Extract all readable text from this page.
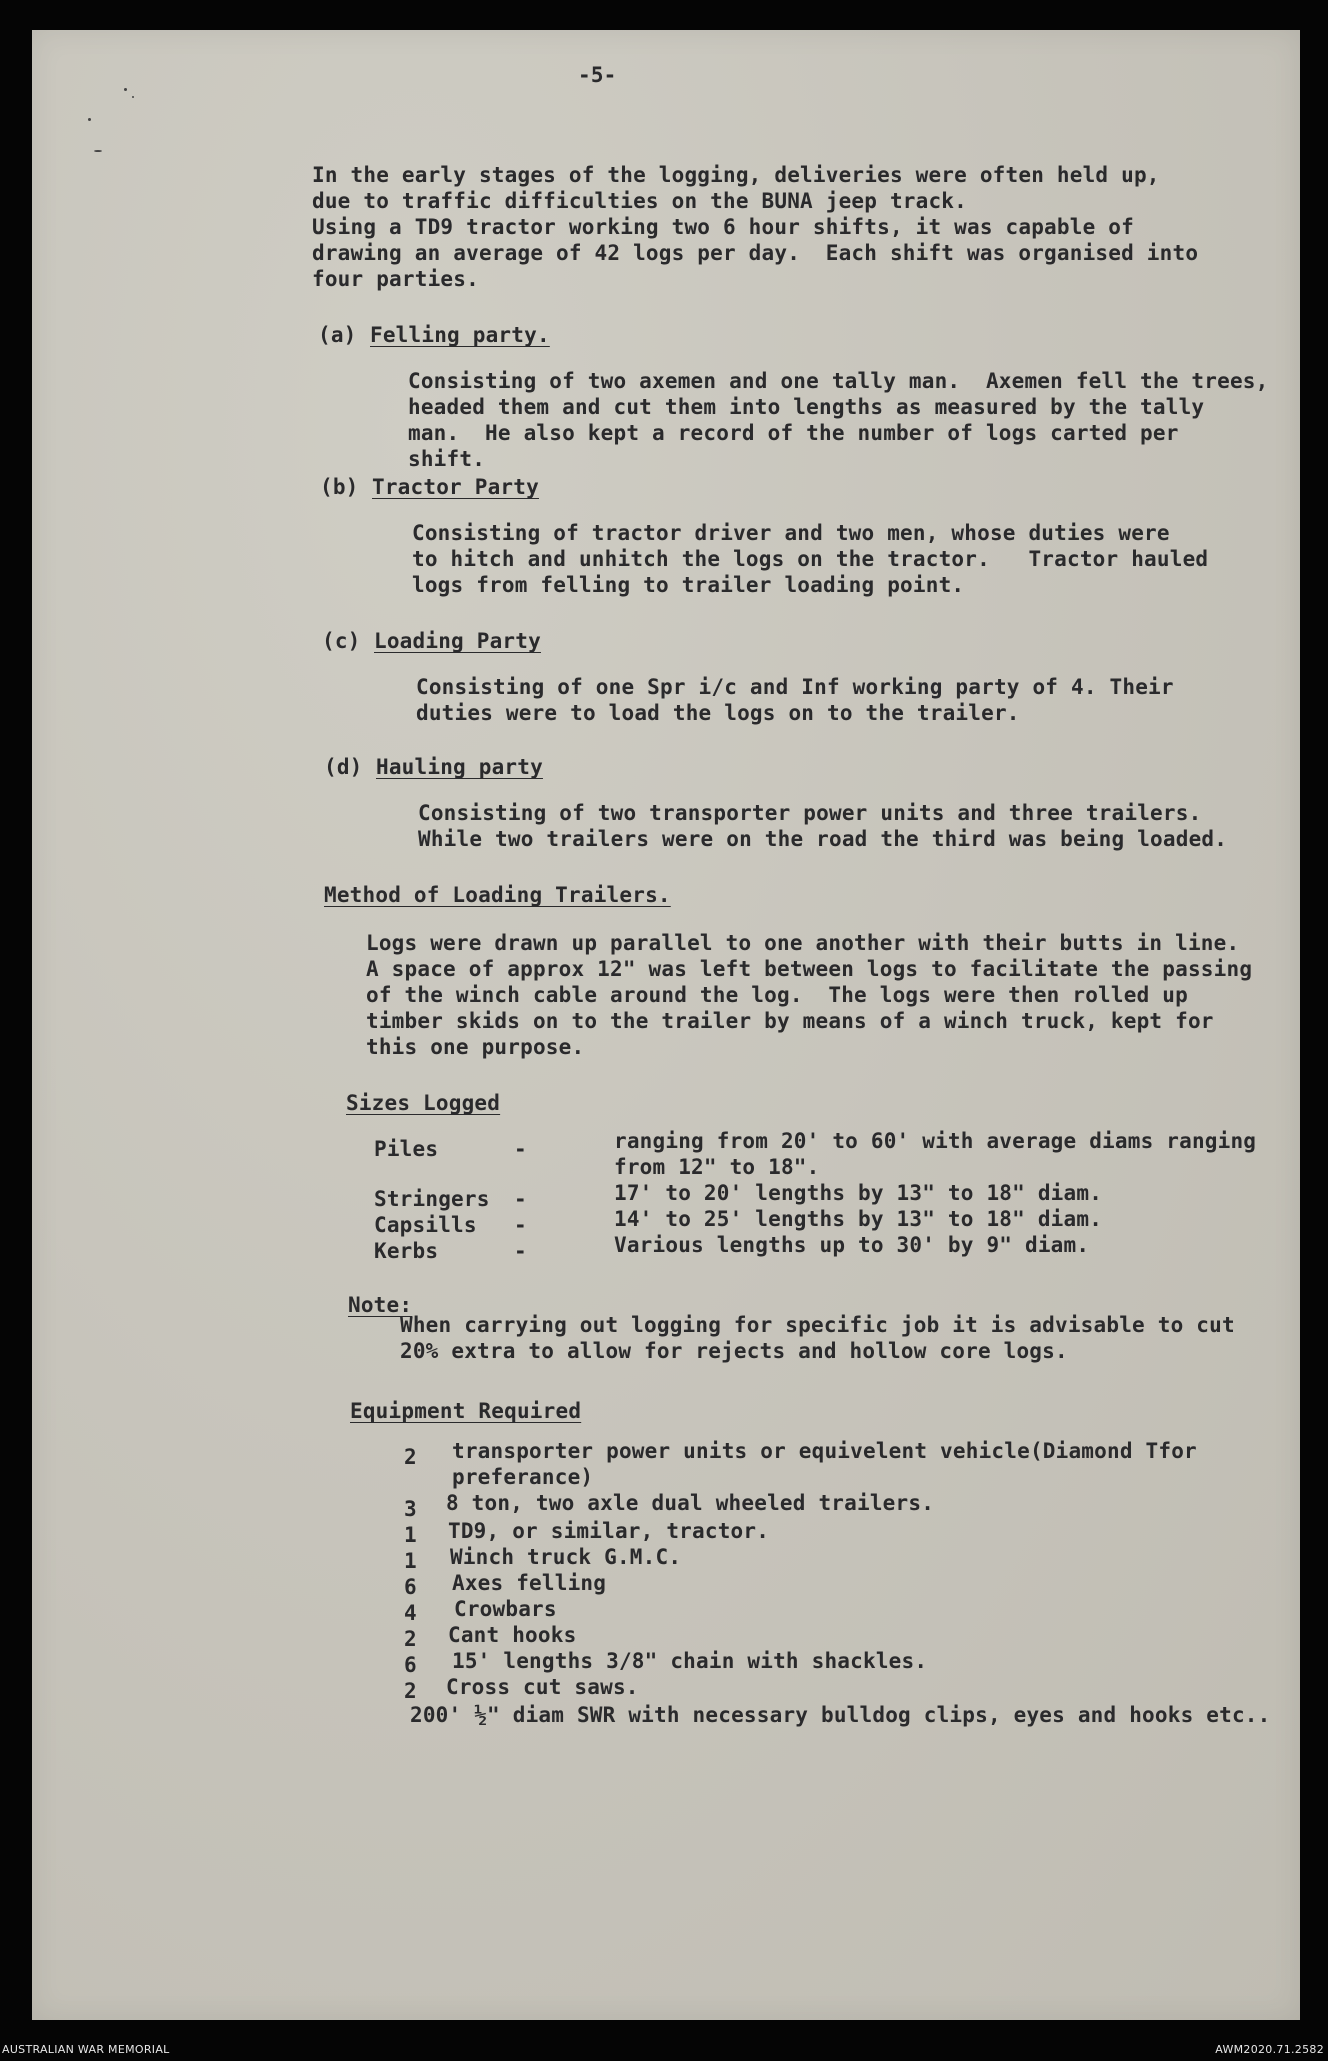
-5-
In the early stages of the logging, deliveries were often held up,
due to traffic difficulties on the BUNA jeep track.
Using a TD9 tractor working two 6 hour shifts, it was capable of
drawing an average of 42 logs per day.  Each shift was organised into
four parties.
(a) Felling party.
Consisting of two axemen and one tally man.  Axemen fell the trees,
headed them and cut them into lengths as measured by the tally
man.  He also kept a record of the number of logs carted per
shift.
(b) Tractor Party
Consisting of tractor driver and two men, whose duties were
to hitch and unhitch the logs on the tractor.   Tractor hauled
logs from felling to trailer loading point.
(c) Loading Party
Consisting of one Spr i/c and Inf working party of 4. Their
duties were to load the logs on to the trailer.
(d) Hauling party
Consisting of two transporter power units and three trailers.
While two trailers were on the road the third was being loaded.
Method of Loading Trailers.
Logs were drawn up parallel to one another with their butts in line.
A space of approx 12" was left between logs to facilitate the passing
of the winch cable around the log.  The logs were then rolled up
timber skids on to the trailer by means of a winch truck, kept for
this one purpose.
Sizes Logged
Piles	-	ranging from 20' to 60' with average diams ranging
from 12" to 18".
Stringers -	17' to 20' lengths by 13" to 18" diam.
Capsills -	14' to 25' lengths by 13" to 18" diam.
Kerbs	-	Various lengths up to 30' by 9" diam.
Note:
When carrying out logging for specific job it is advisable to cut
20% extra to allow for rejects and hollow core logs.
Equipment Required
2 transporter power units or equivelent vehicle(Diamond Tfor
preferance)
3 8 ton, two axle dual wheeled trailers.
1 TD9, or similar, tractor.
1 Winch truck G.M.C.
6 Axes felling
4 Crowbars
2 Cant hooks
6 15' lengths 3/8" chain with shackles.
2 Cross cut saws.
200' ½" diam SWR with necessary bulldog clips, eyes and hooks etc..
AUSTRALIAN WAR MEMORIAL	AWM2020.71.2582
